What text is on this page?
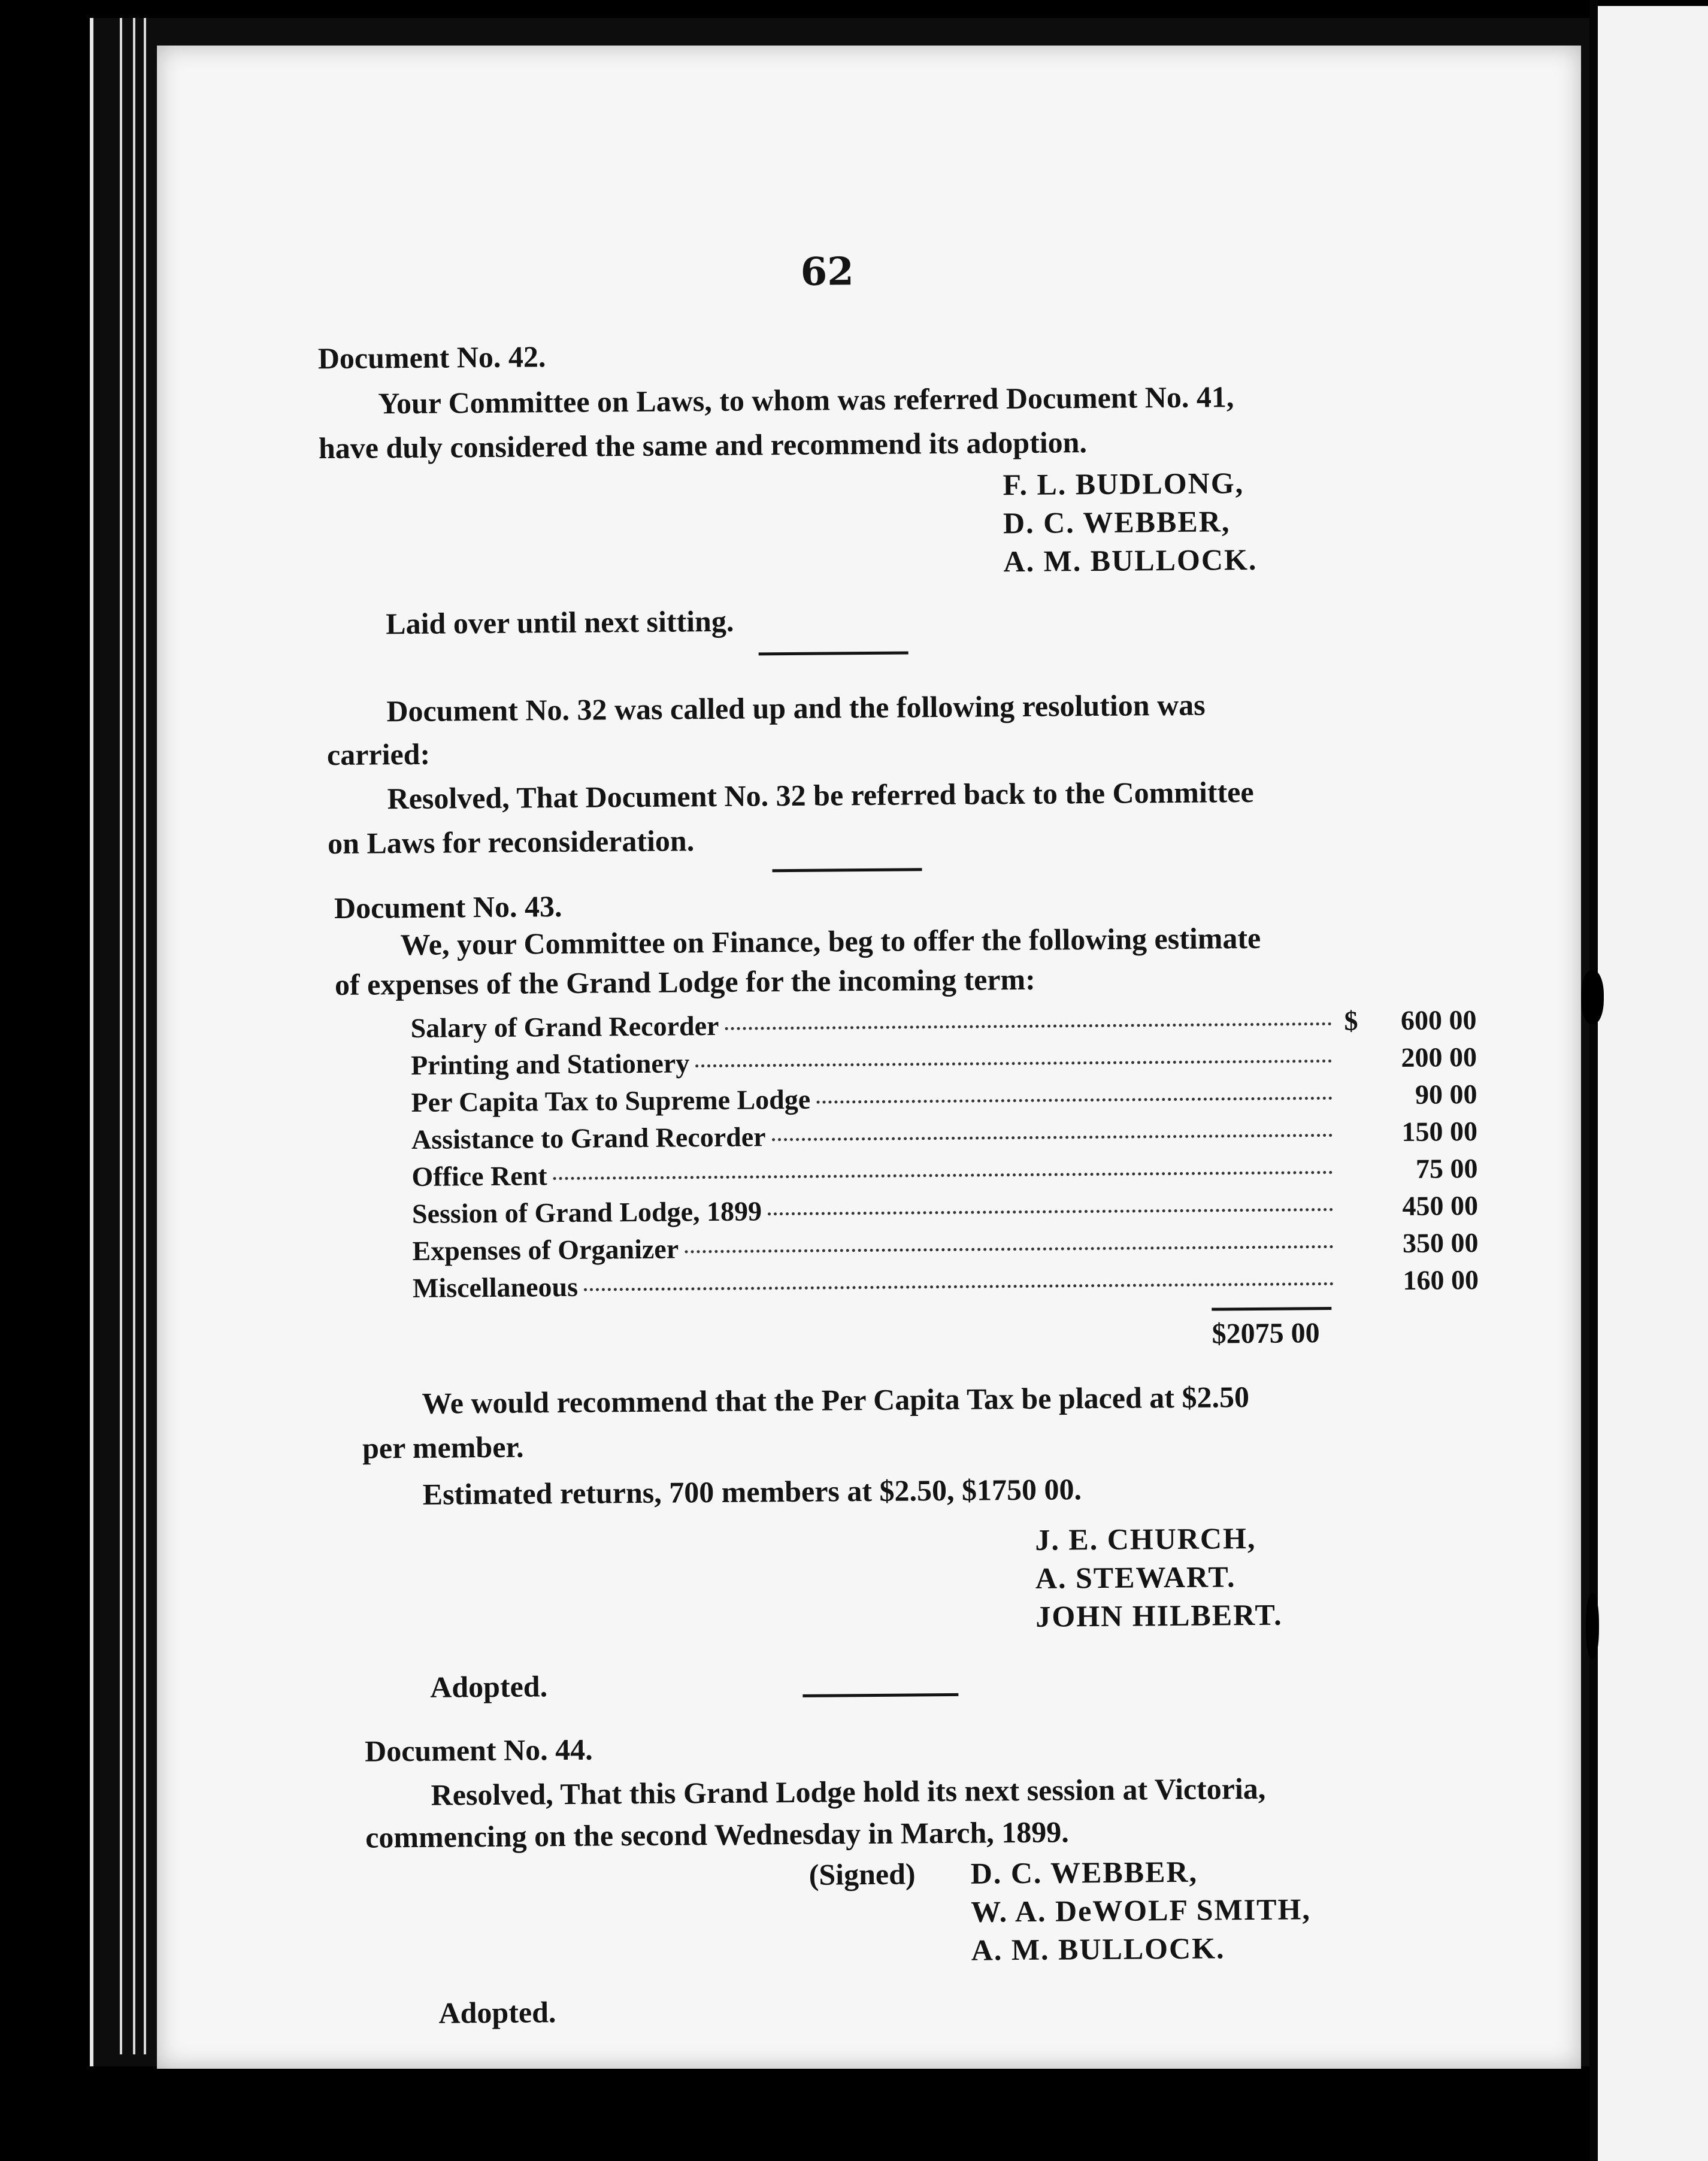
62
Document No. 42.
Your Committee on Laws, to whom was referred Document No. 41,
have duly considered the same and recommend its adoption.
F. L. BUDLONG,
D. C. WEBBER,
A. M. BULLOCK.
Laid over until next sitting.
Document No. 32 was called up and the following resolution was
carried:
Resolved, That Document No. 32 be referred back to the Committee
on Laws for reconsideration.
Document No. 43.
We, your Committee on Finance, beg to offer the following estimate
of expenses of the Grand Lodge for the incoming term:
Salary of Grand Recorder	$	600 00
Printing and Stationery	200 00
Per Capita Tax to Supreme Lodge	90 00
Assistance to Grand Recorder	150 00
Office Rent	75 00
Session of Grand Lodge, 1899	450 00
Expenses of Organizer	350 00
Miscellaneous	160 00
$2075 00
We would recommend that the Per Capita Tax be placed at $2.50
per member.
Estimated returns, 700 members at $2.50, $1750 00.
J. E. CHURCH,
A. STEWART.
JOHN HILBERT.
Adopted.
Document No. 44.
Resolved, That this Grand Lodge hold its next session at Victoria,
commencing on the second Wednesday in March, 1899.
(Signed) D. C. WEBBER,
W. A. DeWOLF SMITH,
A. M. BULLOCK.
Adopted.
